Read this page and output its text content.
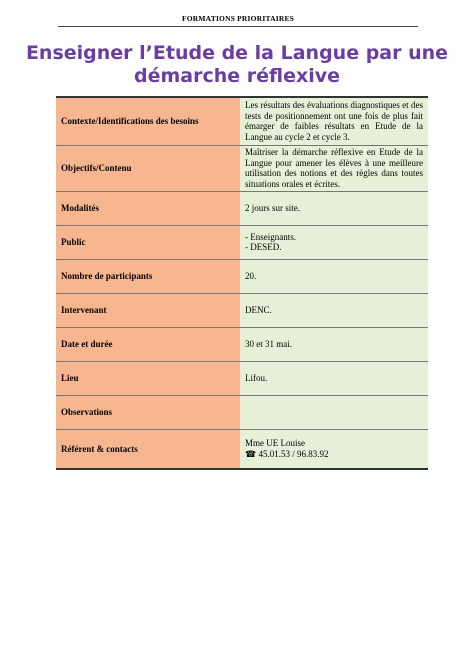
FORMATIONS PRIORITAIRES
Enseigner l’Etude de la Langue par une démarche réflexive
Contexte/Identifications des besoins	Les résultats des évaluations diagnostiques et des tests de positionnement ont une fois de plus fait émarger de faibles résultats en Etude de la Langue au cycle 2 et cycle 3.
Objectifs/Contenu	Maîtriser la démarche réflexive en Etude de la Langue pour amener les élèves à une meilleure utilisation des notions et des règles dans toutes situations orales et écrites.
Modalités	2 jours sur site.
Public	- Enseignants.

- DESED.

Nombre de participants	20.
Intervenant	DENC.
Date et durée	30 et 31 mai.
Lieu	Lifou.
Observations	
Référent & contacts	Mme UE Louise

☎ 45.01.53 / 96.83.92
